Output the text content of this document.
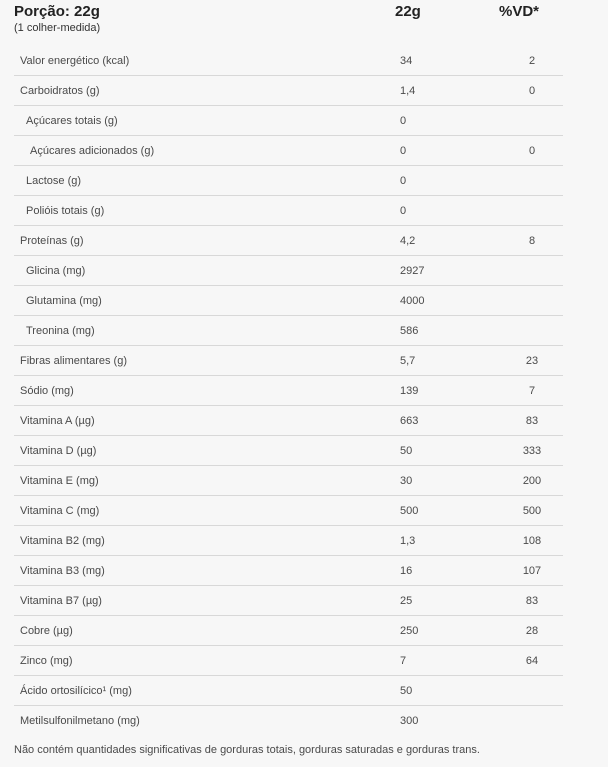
Porção: 22g
(1 colher-medida)
22g	%VD*
Valor energético (kcal)	34	2
Carboidratos (g)	1,4	0
Açúcares totais (g)	0
Açúcares adicionados (g)	0	0
Lactose (g)	0
Polióis totais (g)	0
Proteínas (g)	4,2	8
Glicina (mg)	2927
Glutamina (mg)	4000
Treonina (mg)	586
Fibras alimentares (g)	5,7	23
Sódio (mg)	139	7
Vitamina A (µg)	663	83
Vitamina D (µg)	50	333
Vitamina E (mg)	30	200
Vitamina C (mg)	500	500
Vitamina B2 (mg)	1,3	108
Vitamina B3 (mg)	16	107
Vitamina B7 (µg)	25	83
Cobre (µg)	250	28
Zinco (mg)	7	64
Ácido ortosilícico¹ (mg)	50
Metilsulfonilmetano (mg)	300
Não contém quantidades significativas de gorduras totais, gorduras saturadas e gorduras trans.
